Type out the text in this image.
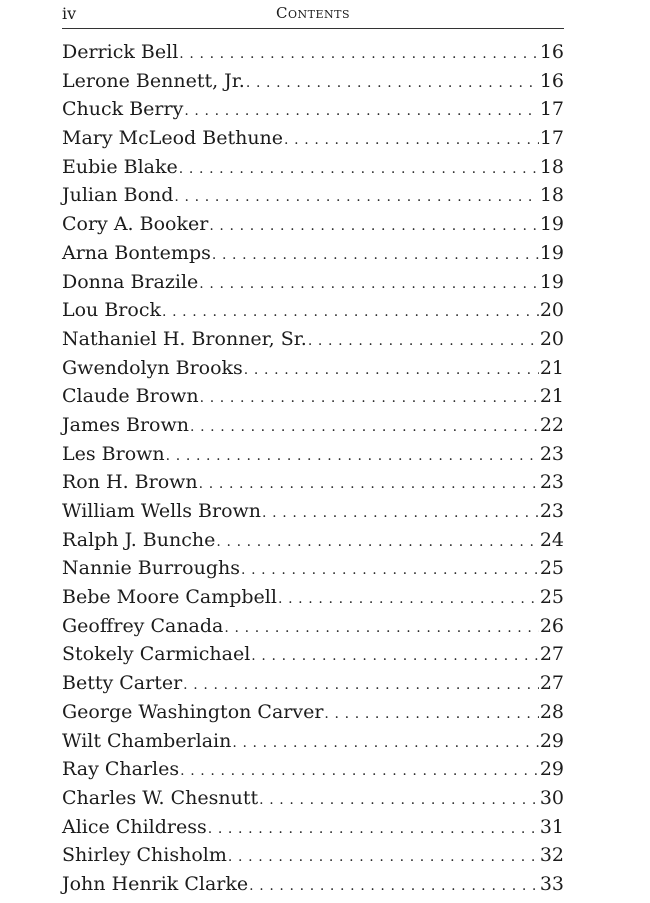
iv	Contents
Derrick Bell . . .	16
Lerone Bennett, Jr. . . .	16
Chuck Berry . . .	17
Mary McLeod Bethune . . .	17
Eubie Blake . . .	18
Julian Bond . . .	18
Cory A. Booker . . .	19
Arna Bontemps . . .	19
Donna Brazile . . .	19
Lou Brock . . .	20
Nathaniel H. Bronner, Sr. . . .	20
Gwendolyn Brooks . . .	21
Claude Brown . . .	21
James Brown . . .	22
Les Brown . . .	23
Ron H. Brown . . .	23
William Wells Brown . . .	23
Ralph J. Bunche . . .	24
Nannie Burroughs . . .	25
Bebe Moore Campbell . . .	25
Geoffrey Canada . . .	26
Stokely Carmichael . . .	27
Betty Carter . . .	27
George Washington Carver . . .	28
Wilt Chamberlain . . .	29
Ray Charles . . .	29
Charles W. Chesnutt . . .	30
Alice Childress . . .	31
Shirley Chisholm . . .	32
John Henrik Clarke . . .	33
